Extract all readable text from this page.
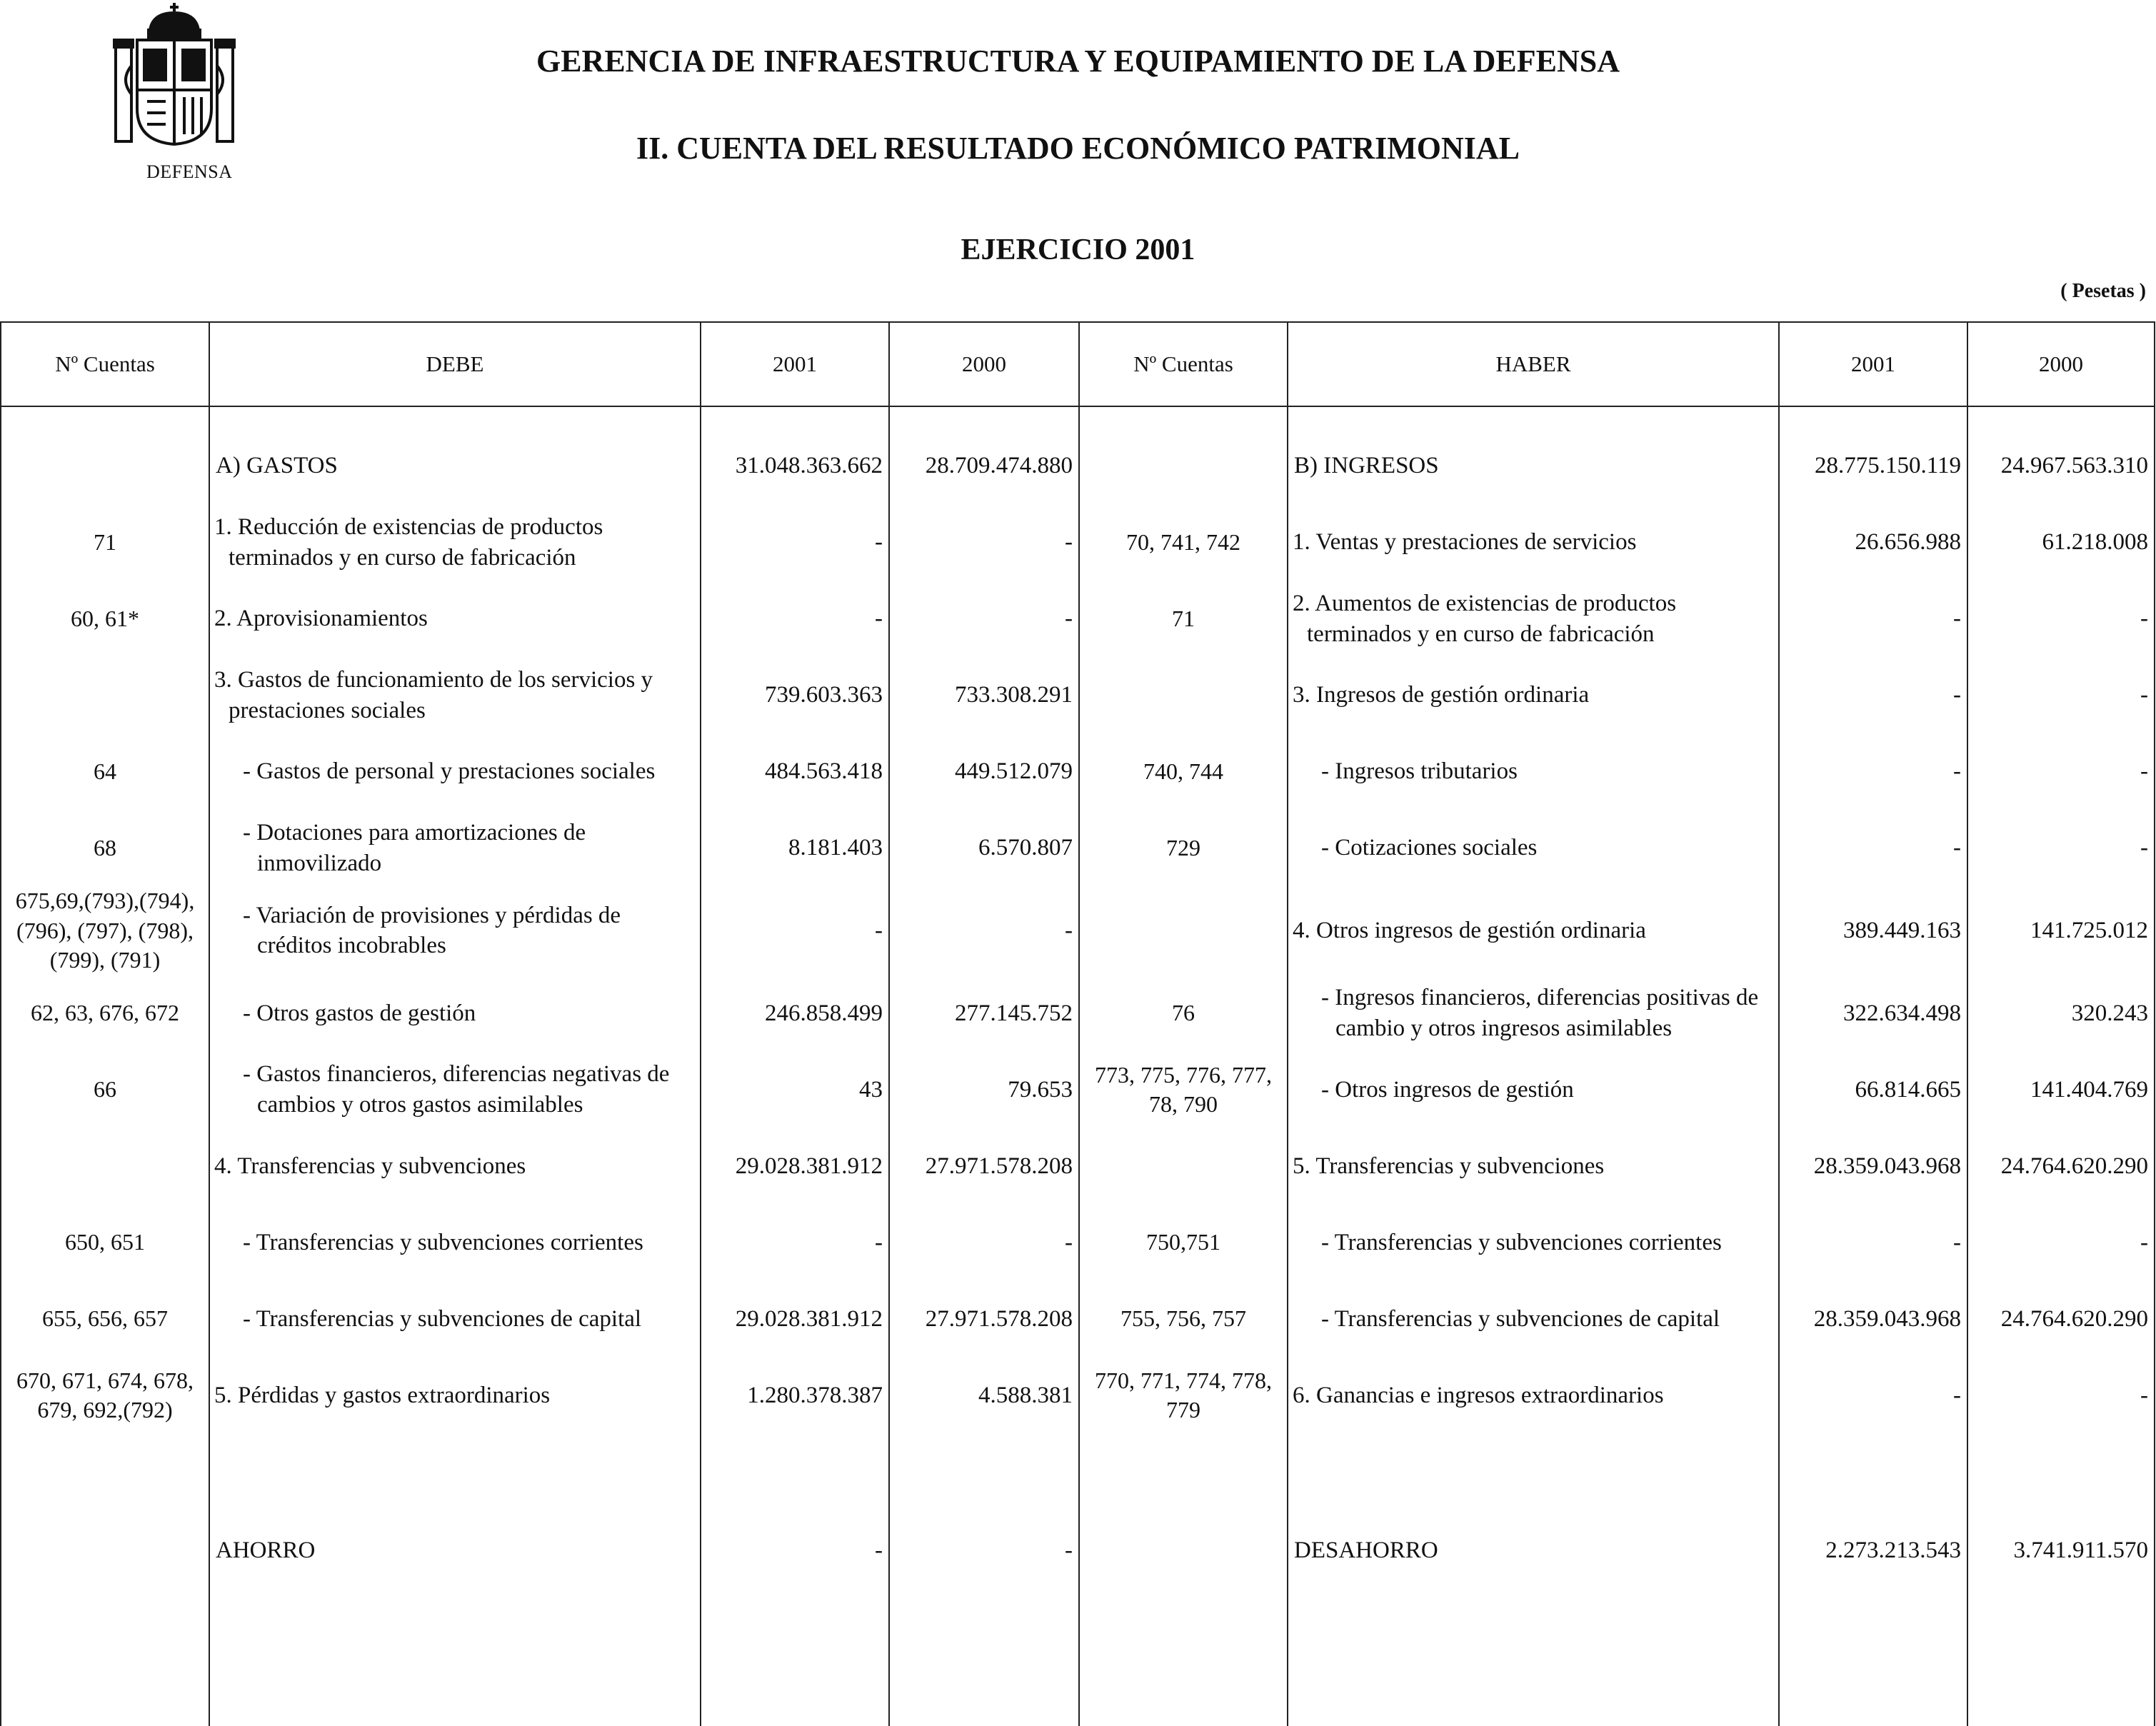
DEFENSA
GERENCIA DE INFRAESTRUCTURA Y EQUIPAMIENTO DE LA DEFENSA
II. CUENTA DEL RESULTADO ECONÓMICO PATRIMONIAL
EJERCICIO 2001
( Pesetas )
Nº Cuentas	DEBE	2001	2000	Nº Cuentas	HABER	2001	2000

	A) GASTOS	31.048.363.662	28.709.474.880		B) INGRESOS	28.775.150.119	24.967.563.310
71	1. Reducción de existencias de productos terminados y en curso de fabricación	-	-	70, 741, 742	1. Ventas y prestaciones de servicios	26.656.988	61.218.008
60, 61*	2. Aprovisionamientos	-	-	71	2. Aumentos de existencias de productos terminados y en curso de fabricación	-	-
	3. Gastos de funcionamiento de los servicios y prestaciones sociales	739.603.363	733.308.291		3. Ingresos de gestión ordinaria	-	-
64	- Gastos de personal y prestaciones sociales	484.563.418	449.512.079	740, 744	- Ingresos tributarios	-	-
68	- Dotaciones para amortizaciones de inmovilizado	8.181.403	6.570.807	729	- Cotizaciones sociales	-	-
675,69,(793),(794), (796), (797), (798), (799), (791)	- Variación de provisiones y pérdidas de créditos incobrables	-	-		4. Otros ingresos de gestión ordinaria	389.449.163	141.725.012
62, 63, 676, 672	- Otros gastos de gestión	246.858.499	277.145.752	76	- Ingresos financieros, diferencias positivas de cambio y otros ingresos asimilables	322.634.498	320.243
66	- Gastos financieros, diferencias negativas de cambios y otros gastos asimilables	43	79.653	773, 775, 776, 777, 78, 790	- Otros ingresos de gestión	66.814.665	141.404.769
	4. Transferencias y subvenciones	29.028.381.912	27.971.578.208		5. Transferencias y subvenciones	28.359.043.968	24.764.620.290
650, 651	- Transferencias y subvenciones corrientes	-	-	750,751	- Transferencias y subvenciones corrientes	-	-
655, 656, 657	- Transferencias y subvenciones de capital	29.028.381.912	27.971.578.208	755, 756, 757	- Transferencias y subvenciones de capital	28.359.043.968	24.764.620.290
670, 671, 674, 678, 679, 692,(792)	5. Pérdidas y gastos extraordinarios	1.280.378.387	4.588.381	770, 771, 774, 778, 779	6. Ganancias e ingresos extraordinarios	-	-

	AHORRO	-	-		DESAHORRO	2.273.213.543	3.741.911.570
